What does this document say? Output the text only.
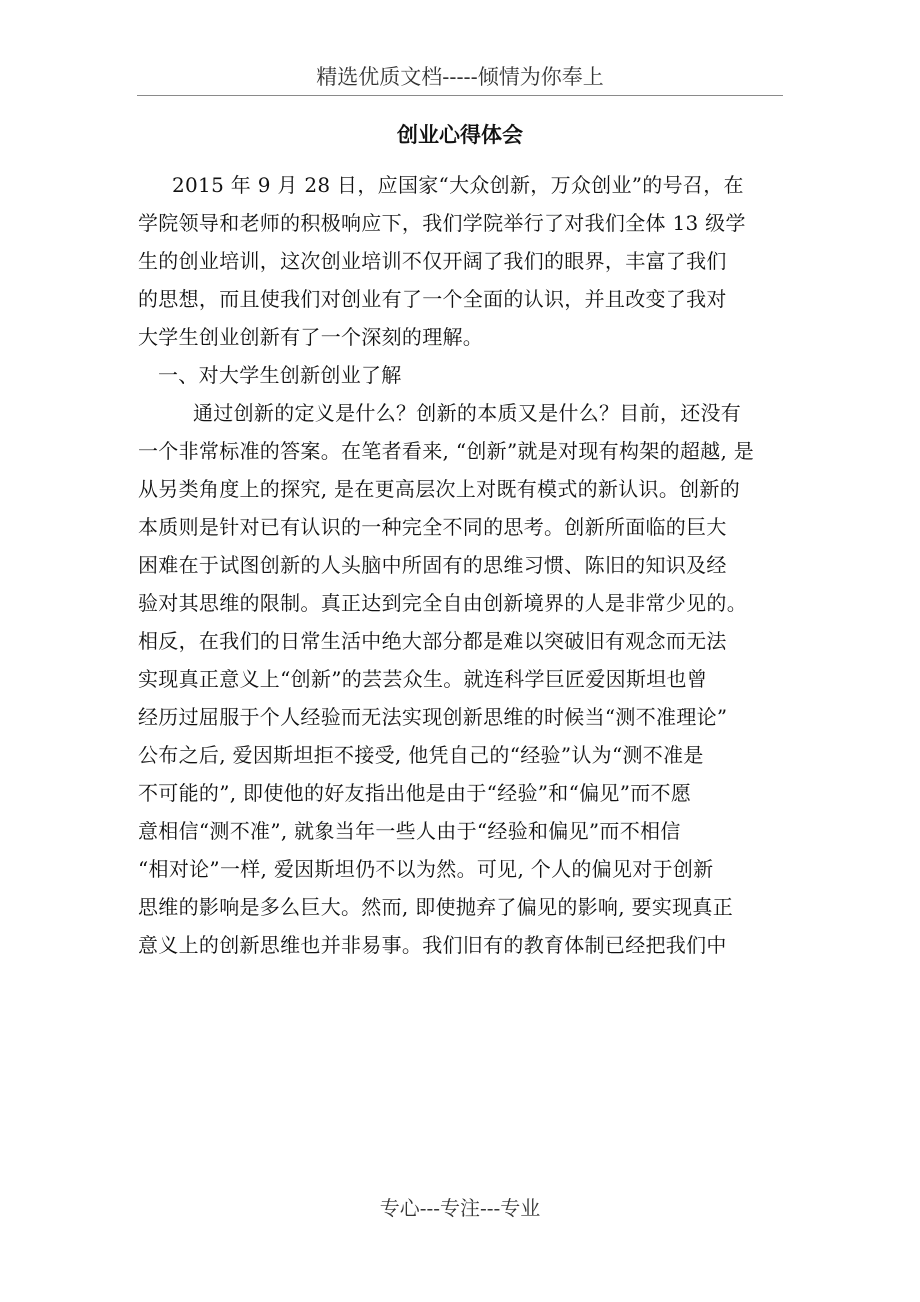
精选优质文档-----倾情为你奉上
创业心得体会
2015 年 9 月 28 日，应国家“大众创新，万众创业”的号召，在
学院领导和老师的积极响应下，我们学院举行了对我们全体 13 级学
生的创业培训，这次创业培训不仅开阔了我们的眼界，丰富了我们
的思想，而且使我们对创业有了一个全面的认识，并且改变了我对
大学生创业创新有了一个深刻的理解。
一、对大学生创新创业了解
通过创新的定义是什么？创新的本质又是什么？目前，还没有
一个非常标准的答案。在笔者看来, “创新”就是对现有构架的超越, 是
从另类角度上的探究, 是在更高层次上对既有模式的新认识。创新的
本质则是针对已有认识的一种完全不同的思考。创新所面临的巨大
困难在于试图创新的人头脑中所固有的思维习惯、陈旧的知识及经
验对其思维的限制。真正达到完全自由创新境界的人是非常少见的。
相反，在我们的日常生活中绝大部分都是难以突破旧有观念而无法
实现真正意义上“创新”的芸芸众生。就连科学巨匠爱因斯坦也曾
经历过屈服于个人经验而无法实现创新思维的时候当“测不准理论”
公布之后, 爱因斯坦拒不接受, 他凭自己的“经验”认为“测不准是
不可能的”, 即使他的好友指出他是由于“经验”和“偏见”而不愿
意相信“测不准”, 就象当年一些人由于“经验和偏见”而不相信
“相对论”一样, 爱因斯坦仍不以为然。可见, 个人的偏见对于创新
思维的影响是多么巨大。然而, 即使抛弃了偏见的影响, 要实现真正
意义上的创新思维也并非易事。我们旧有的教育体制已经把我们中
专心---专注---专业
